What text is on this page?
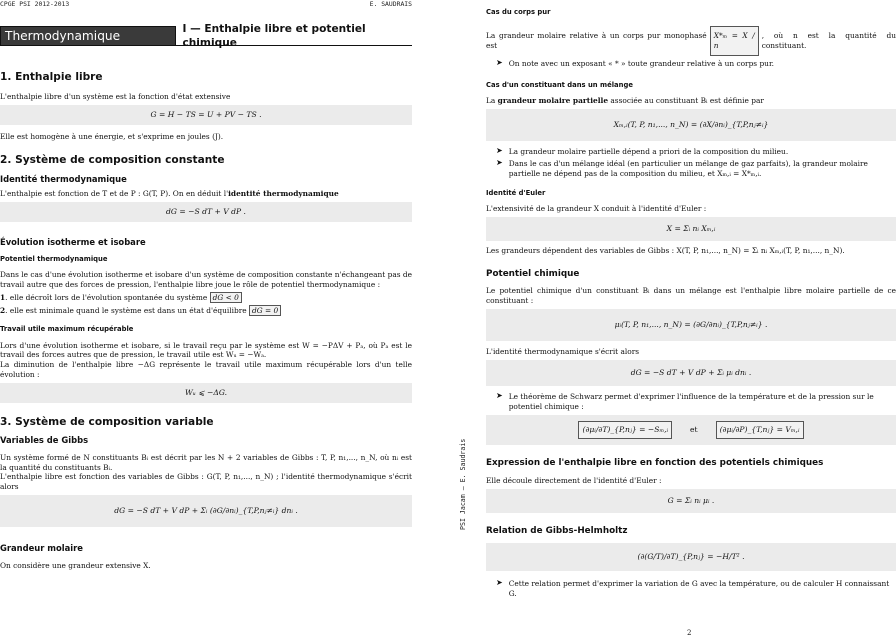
CPGE PSI 2012-2013	E. SAUDRAIS
Thermodynamique chimique
I — Enthalpie libre et potentiel chimique
1. Enthalpie libre

L'enthalpie libre d'un système est la fonction d'état extensive

G = H − TS = U + PV − TS .

Elle est homogène à une énergie, et s'exprime en joules (J).

2. Système de composition constante
Identité thermodynamique

L'enthalpie est fonction de T et de P : G(T, P). On en déduit l'identité thermodynamique

dG = −S dT + V dP .
Évolution isotherme et isobare
Potentiel thermodynamique

Dans le cas d'une évolution isotherme et isobare d'un système de composition constante n'échangeant pas de travail autre que des forces de pression, l'enthalpie libre joue le rôle de potentiel thermodynamique :

1. elle décroît lors de l'évolution spontanée du système dG < 0

2. elle est minimale quand le système est dans un état d'équilibre dG = 0

Travail utile maximum récupérable

Lors d'une évolution isotherme et isobare, si le travail reçu par le système est W = −PΔV + Pₐ, où Pₐ est le travail des forces autres que de pression, le travail utile est Wᵤ = −Wₐ.

La diminution de l'enthalpie libre −ΔG représente le travail utile maximum récupérable lors d'un telle évolution :

Wᵤ ⩽ −ΔG.
3. Système de composition variable
Variables de Gibbs

Un système formé de N constituants Bᵢ est décrit par les N + 2 variables de Gibbs : T, P, n₁,..., n_N, où nᵢ est la quantité du constituants Bᵢ.

L'enthalpie libre est fonction des variables de Gibbs : G(T, P, n₁,..., n_N) ; l'identité thermodynamique s'écrit alors

dG = −S dT + V dP + Σᵢ (∂G/∂nᵢ)_{T,P,nⱼ≠ᵢ} dnᵢ .
Grandeur molaire

On considère une grandeur extensive X.

PSI Jacam — E. Saudrais
Cas du corps pur

La grandeur molaire relative à un corps pur monophasé est
X*ₘ = X / n
, où n est la quantité du constituant.

➤ On note avec un exposant « * » toute grandeur relative à un corps pur.
Cas d'un constituant dans un mélange

La grandeur molaire partielle associée au constituant Bᵢ est définie par

Xₘ,ᵢ(T, P, n₁,..., n_N) = (∂X/∂nᵢ)_{T,P,nⱼ≠ᵢ}
➤ La grandeur molaire partielle dépend a priori de la composition du milieu.
➤ Dans le cas d'un mélange idéal (en particulier un mélange de gaz parfaits), la grandeur molaire partielle ne dépend pas de la composition du milieu, et Xₘ,ᵢ = X*ₘ,ᵢ.
Identité d'Euler

L'extensivité de la grandeur X conduit à l'identité d'Euler :

X = Σᵢ nᵢ Xₘ,ᵢ

Les grandeurs dépendent des variables de Gibbs : X(T, P, n₁,..., n_N) = Σᵢ nᵢ Xₘ,ᵢ(T, P, n₁,..., n_N).

Potentiel chimique

Le potentiel chimique d'un constituant Bᵢ dans un mélange est l'enthalpie libre molaire partielle de ce constituant :

μᵢ(T, P, n₁,..., n_N) = (∂G/∂nᵢ)_{T,P,nⱼ≠ᵢ} .

L'identité thermodynamique s'écrit alors

dG = −S dT + V dP + Σᵢ μᵢ dnᵢ .
➤ Le théorème de Schwarz permet d'exprimer l'influence de la température et de la pression sur le potentiel chimique :
(∂μᵢ/∂T)_{P,nⱼ} = −Sₘ,ᵢ	et	(∂μᵢ/∂P)_{T,nⱼ} = Vₘ,ᵢ
Expression de l'enthalpie libre en fonction des potentiels chimiques

Elle découle directement de l'identité d'Euler :

G = Σᵢ nᵢ μᵢ .
Relation de Gibbs-Helmholtz
(∂(G/T)/∂T)_{P,nⱼ} = −H/T² .
➤ Cette relation permet d'exprimer la variation de G avec la température, ou de calculer H connaissant G.
2
